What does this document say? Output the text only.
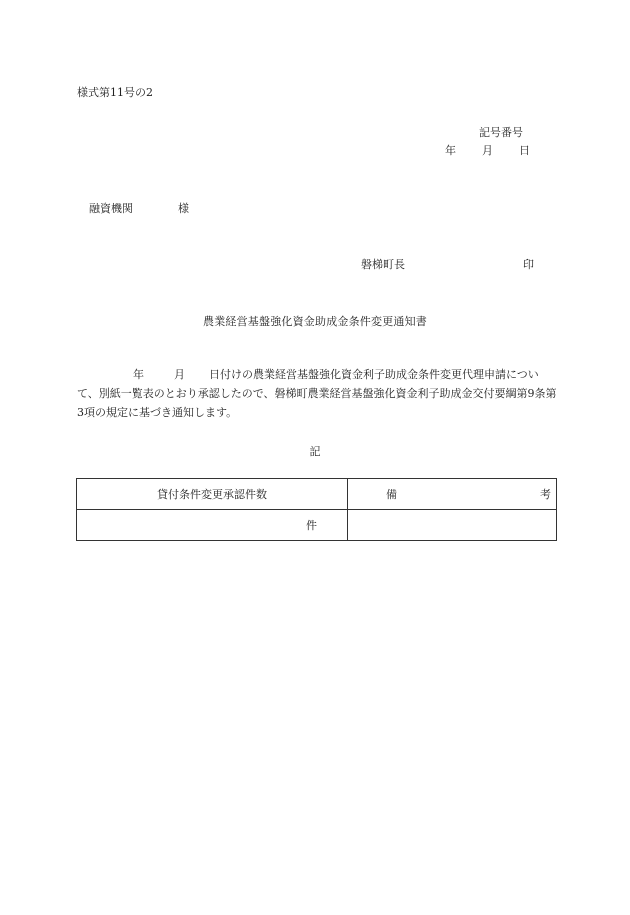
様式第11号の2
記号番号
年 月 日
融資機関	様
磐梯町長	印
農業経営基盤強化資金助成金条件変更通知書
年	月 日付けの農業経営基盤強化資金利子助成金条件変更代理申請について、別紙一覧表のとおり承認したので、磐梯町農業経営基盤強化資金利子助成金交付要綱第9条第3項の規定に基づき通知します。
記
貸付条件変更承認件数	備 考
件	
